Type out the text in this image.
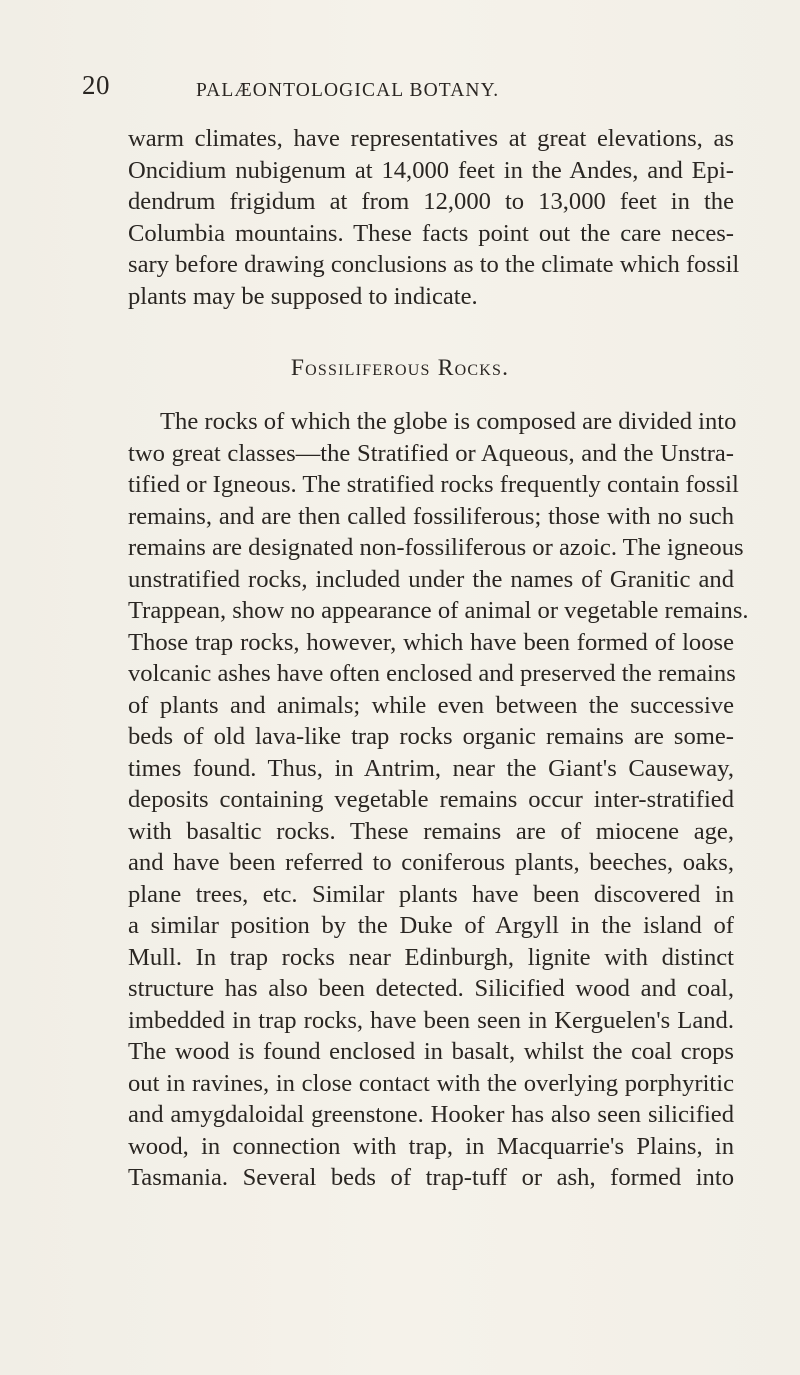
20	PALÆONTOLOGICAL BOTANY.
warm climates, have representatives at great elevations, as
Oncidium nubigenum at 14,000 feet in the Andes, and Epi-
dendrum frigidum at from 12,000 to 13,000 feet in the
Columbia mountains. These facts point out the care neces-
sary before drawing conclusions as to the climate which fossil
plants may be supposed to indicate.
Fossiliferous Rocks.
The rocks of which the globe is composed are divided into
two great classes—the Stratified or Aqueous, and the Unstra-
tified or Igneous. The stratified rocks frequently contain fossil
remains, and are then called fossiliferous; those with no such
remains are designated non-fossiliferous or azoic. The igneous
unstratified rocks, included under the names of Granitic and
Trappean, show no appearance of animal or vegetable remains.
Those trap rocks, however, which have been formed of loose
volcanic ashes have often enclosed and preserved the remains
of plants and animals; while even between the successive
beds of old lava-like trap rocks organic remains are some-
times found. Thus, in Antrim, near the Giant's Causeway,
deposits containing vegetable remains occur inter-stratified
with basaltic rocks. These remains are of miocene age,
and have been referred to coniferous plants, beeches, oaks,
plane trees, etc. Similar plants have been discovered in
a similar position by the Duke of Argyll in the island of
Mull. In trap rocks near Edinburgh, lignite with distinct
structure has also been detected. Silicified wood and coal,
imbedded in trap rocks, have been seen in Kerguelen's Land.
The wood is found enclosed in basalt, whilst the coal crops
out in ravines, in close contact with the overlying porphyritic
and amygdaloidal greenstone. Hooker has also seen silicified
wood, in connection with trap, in Macquarrie's Plains, in
Tasmania. Several beds of trap-tuff or ash, formed into
